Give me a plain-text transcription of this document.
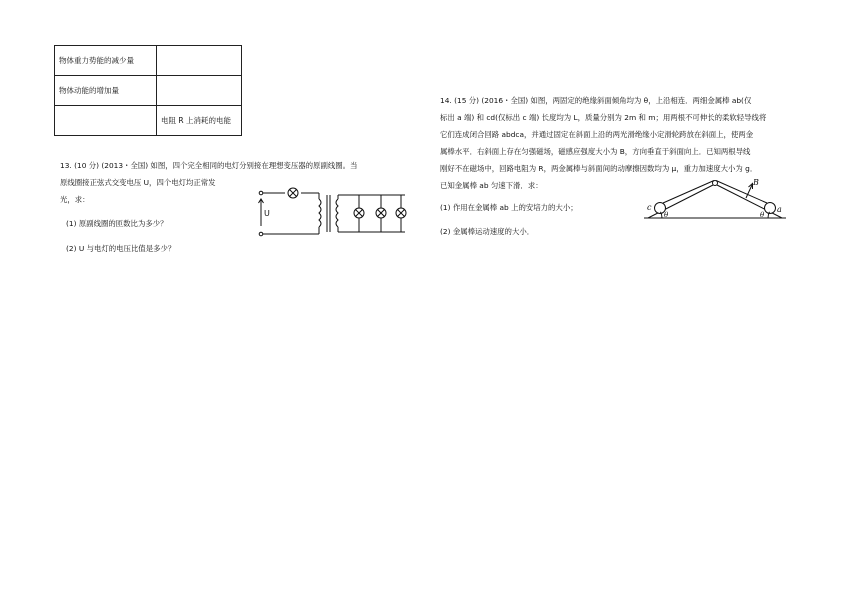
物体重力势能的减少量	
物体动能的增加量	
	电阻 R 上消耗的电能
13. (10 分) (2013・全国) 如图，四个完全相同的电灯分别接在理想变压器的原副线圈。当
原线圈接正弦式交变电压 U，四个电灯均正常发
光，求：
(1) 原副线圈的匝数比为多少？
(2) U 与电灯的电压比值是多少？
U
14. (15 分) (2016・全国) 如图，两固定的绝缘斜面倾角均为 θ，上沿相连．两细金属棒 ab(仅
标出 a 端) 和 cd(仅标出 c 端) 长度均为 L，质量分别为 2m 和 m；用两根不可伸长的柔软轻导线将
它们连成闭合回路 abdca，并通过固定在斜面上沿的两光滑绝缘小定滑轮跨放在斜面上，使两金
属棒水平．右斜面上存在匀强磁场，磁感应强度大小为 B，方向垂直于斜面向上．已知两根导线
刚好不在磁场中，回路电阻为 R，两金属棒与斜面间的动摩擦因数均为 μ，重力加速度大小为 g．
已知金属棒 ab 匀速下滑．求：
(1) 作用在金属棒 ab 上的安培力的大小；
(2) 金属棒运动速度的大小．
c	a
B
θ	θ
